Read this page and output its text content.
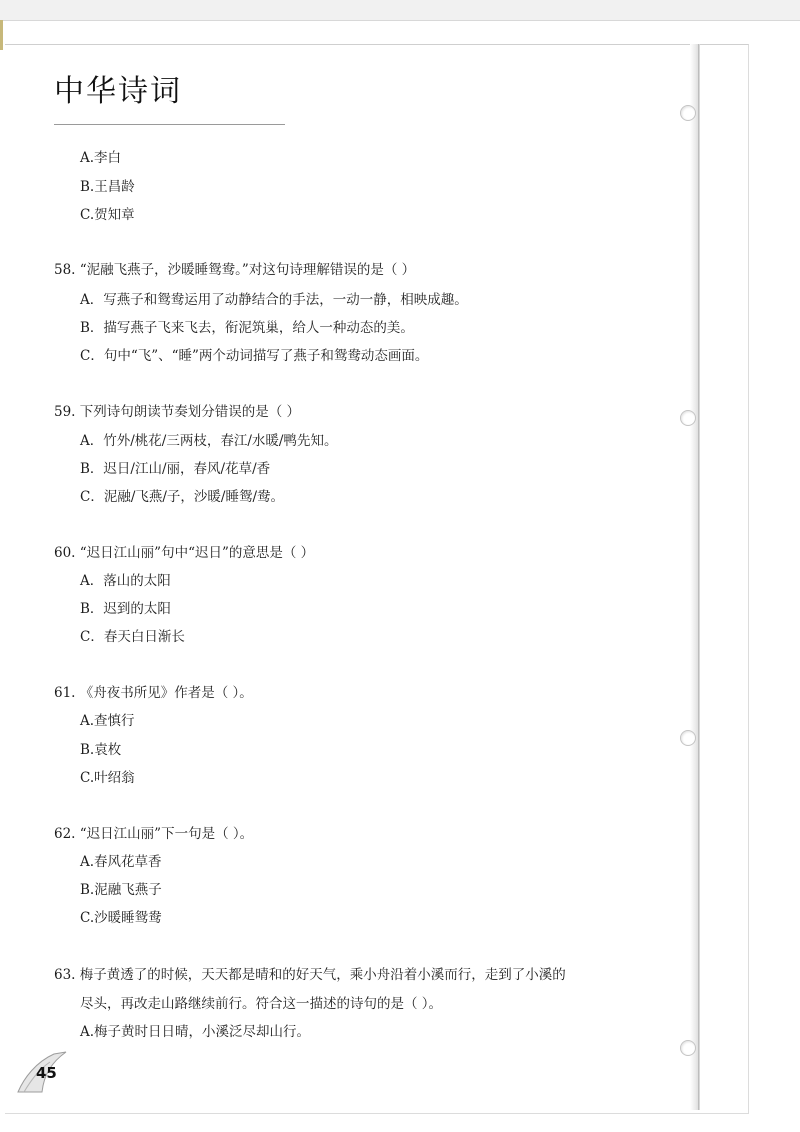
中华诗词
A.李白
B.王昌龄
C.贺知章
58. “泥融飞燕子，沙暖睡鸳鸯。”对这句诗理解错误的是（ ）
A．写燕子和鸳鸯运用了动静结合的手法，一动一静，相映成趣。
B．描写燕子飞来飞去，衔泥筑巢，给人一种动态的美。
C．句中“飞”、“睡”两个动词描写了燕子和鸳鸯动态画面。
59. 下列诗句朗读节奏划分错误的是（ ）
A．竹外/桃花/三两枝，春江/水暖/鸭先知。
B．迟日/江山/丽，春风/花草/香
C．泥融/飞燕/子，沙暖/睡鸳/鸯。
60. “迟日江山丽”句中“迟日”的意思是（ ）
A．落山的太阳
B．迟到的太阳
C．春天白日渐长
61. 《舟夜书所见》作者是（ ）。
A.查慎行
B.袁枚
C.叶绍翁
62. “迟日江山丽”下一句是（ ）。
A.春风花草香
B.泥融飞燕子
C.沙暖睡鸳鸯
63. 梅子黄透了的时候，天天都是晴和的好天气，乘小舟沿着小溪而行，走到了小溪的
尽头，再改走山路继续前行。符合这一描述的诗句的是（ ）。
A.梅子黄时日日晴，小溪泛尽却山行。
45
